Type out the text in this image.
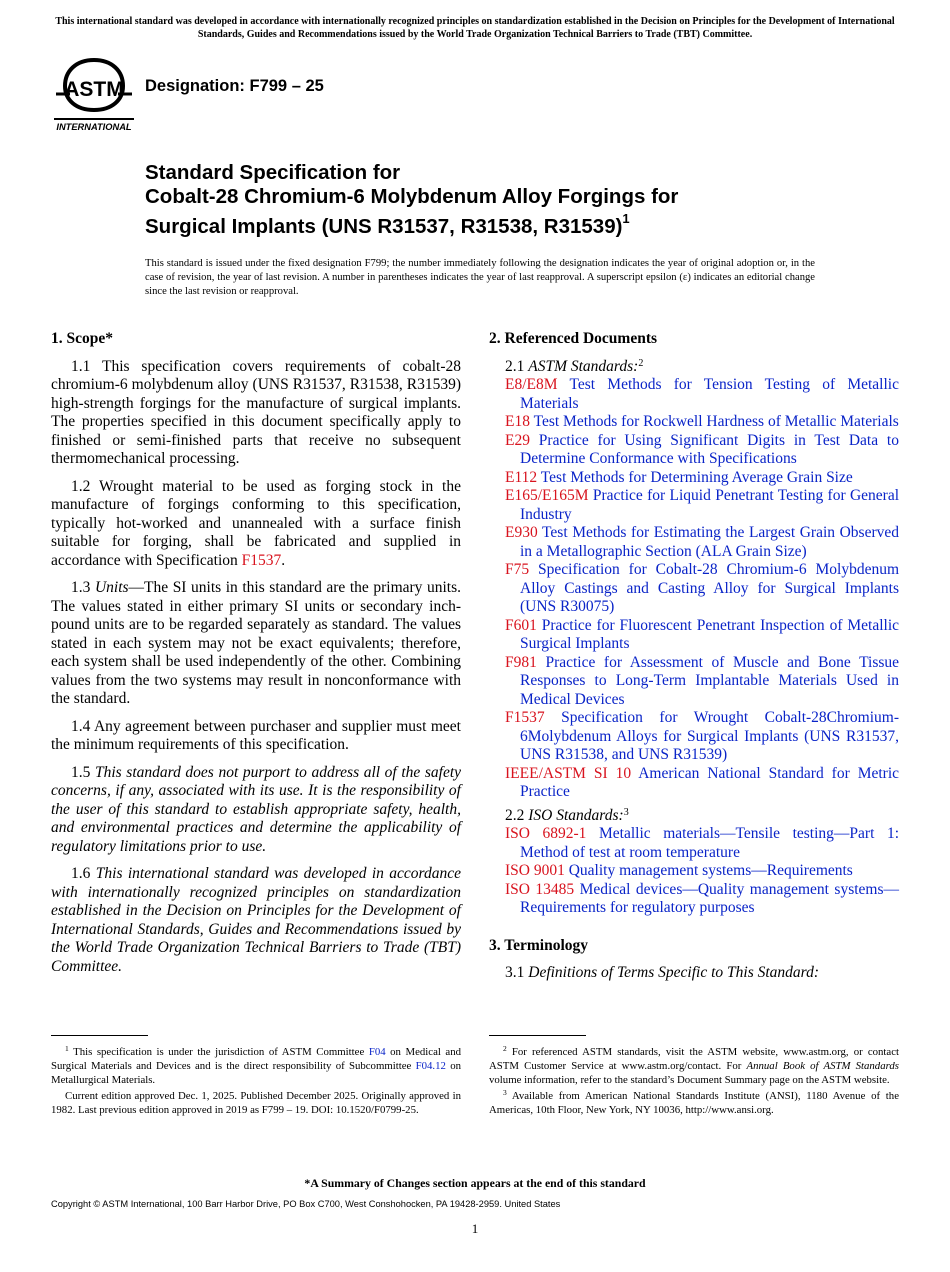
This international standard was developed in accordance with internationally recognized principles on standardization established in the Decision on Principles for the Development of International Standards, Guides and Recommendations issued by the World Trade Organization Technical Barriers to Trade (TBT) Committee.
ASTM
INTERNATIONAL
Designation: F799 – 25
Standard Specification for
Cobalt-28 Chromium-6 Molybdenum Alloy Forgings for
Surgical Implants (UNS R31537, R31538, R31539)$^1$

This standard is issued under the fixed designation F799; the number immediately following the designation indicates the year of original adoption or, in the case of revision, the year of last revision. A number in parentheses indicates the year of last reapproval. A superscript epsilon (ε) indicates an editorial change since the last revision or reapproval.

1. Scope*

1.1 This specification covers requirements of cobalt-28 chromium-6 molybdenum alloy (UNS R31537, R31538, R31539) high-strength forgings for the manufacture of surgical implants. The properties specified in this document specifically apply to finished or semi-finished parts that receive no subsequent thermomechanical processing.

1.2 Wrought material to be used as forging stock in the manufacture of forgings conforming to this specification, typically hot-worked and unannealed with a surface finish suitable for forging, shall be fabricated and supplied in accordance with Specification F1537.

1.3 Units—The SI units in this standard are the primary units. The values stated in either primary SI units or secondary inch-pound units are to be regarded separately as standard. The values stated in each system may not be exact equivalents; therefore, each system shall be used independently of the other. Combining values from the two systems may result in nonconformance with the standard.

1.4 Any agreement between purchaser and supplier must meet the minimum requirements of this specification.

1.5 This standard does not purport to address all of the safety concerns, if any, associated with its use. It is the responsibility of the user of this standard to establish appropriate safety, health, and environmental practices and determine the applicability of regulatory limitations prior to use.

1.6 This international standard was developed in accordance with internationally recognized principles on standardization established in the Decision on Principles for the Development of International Standards, Guides and Recommendations issued by the World Trade Organization Technical Barriers to Trade (TBT) Committee.

2. Referenced Documents

2.1 ASTM Standards:$^2$

E8/E8M Test Methods for Tension Testing of Metallic Materials

E18 Test Methods for Rockwell Hardness of Metallic Materials

E29 Practice for Using Significant Digits in Test Data to Determine Conformance with Specifications

E112 Test Methods for Determining Average Grain Size

E165/E165M Practice for Liquid Penetrant Testing for General Industry

E930 Test Methods for Estimating the Largest Grain Observed in a Metallographic Section (ALA Grain Size)

F75 Specification for Cobalt-28 Chromium-6 Molybdenum Alloy Castings and Casting Alloy for Surgical Implants (UNS R30075)

F601 Practice for Fluorescent Penetrant Inspection of Metallic Surgical Implants

F981 Practice for Assessment of Muscle and Bone Tissue Responses to Long-Term Implantable Materials Used in Medical Devices

F1537 Specification for Wrought Cobalt-28Chromium-6Molybdenum Alloys for Surgical Implants (UNS R31537, UNS R31538, and UNS R31539)

IEEE/ASTM SI 10 American National Standard for Metric Practice

2.2 ISO Standards:$^3$

ISO 6892-1 Metallic materials—Tensile testing—Part 1: Method of test at room temperature

ISO 9001 Quality management systems—Requirements

ISO 13485 Medical devices—Quality management systems—Requirements for regulatory purposes

3. Terminology

3.1 Definitions of Terms Specific to This Standard:

$^1$ This specification is under the jurisdiction of ASTM Committee F04 on Medical and Surgical Materials and Devices and is the direct responsibility of Subcommittee F04.12 on Metallurgical Materials.

Current edition approved Dec. 1, 2025. Published December 2025. Originally approved in 1982. Last previous edition approved in 2019 as F799 – 19. DOI: 10.1520/F0799-25.

$^2$ For referenced ASTM standards, visit the ASTM website, www.astm.org, or contact ASTM Customer Service at www.astm.org/contact. For Annual Book of ASTM Standards volume information, refer to the standard’s Document Summary page on the ASTM website.

$^3$ Available from American National Standards Institute (ANSI), 1180 Avenue of the Americas, 10th Floor, New York, NY 10036, http://www.ansi.org.

*A Summary of Changes section appears at the end of this standard
Copyright © ASTM International, 100 Barr Harbor Drive, PO Box C700, West Conshohocken, PA 19428-2959. United States
1
